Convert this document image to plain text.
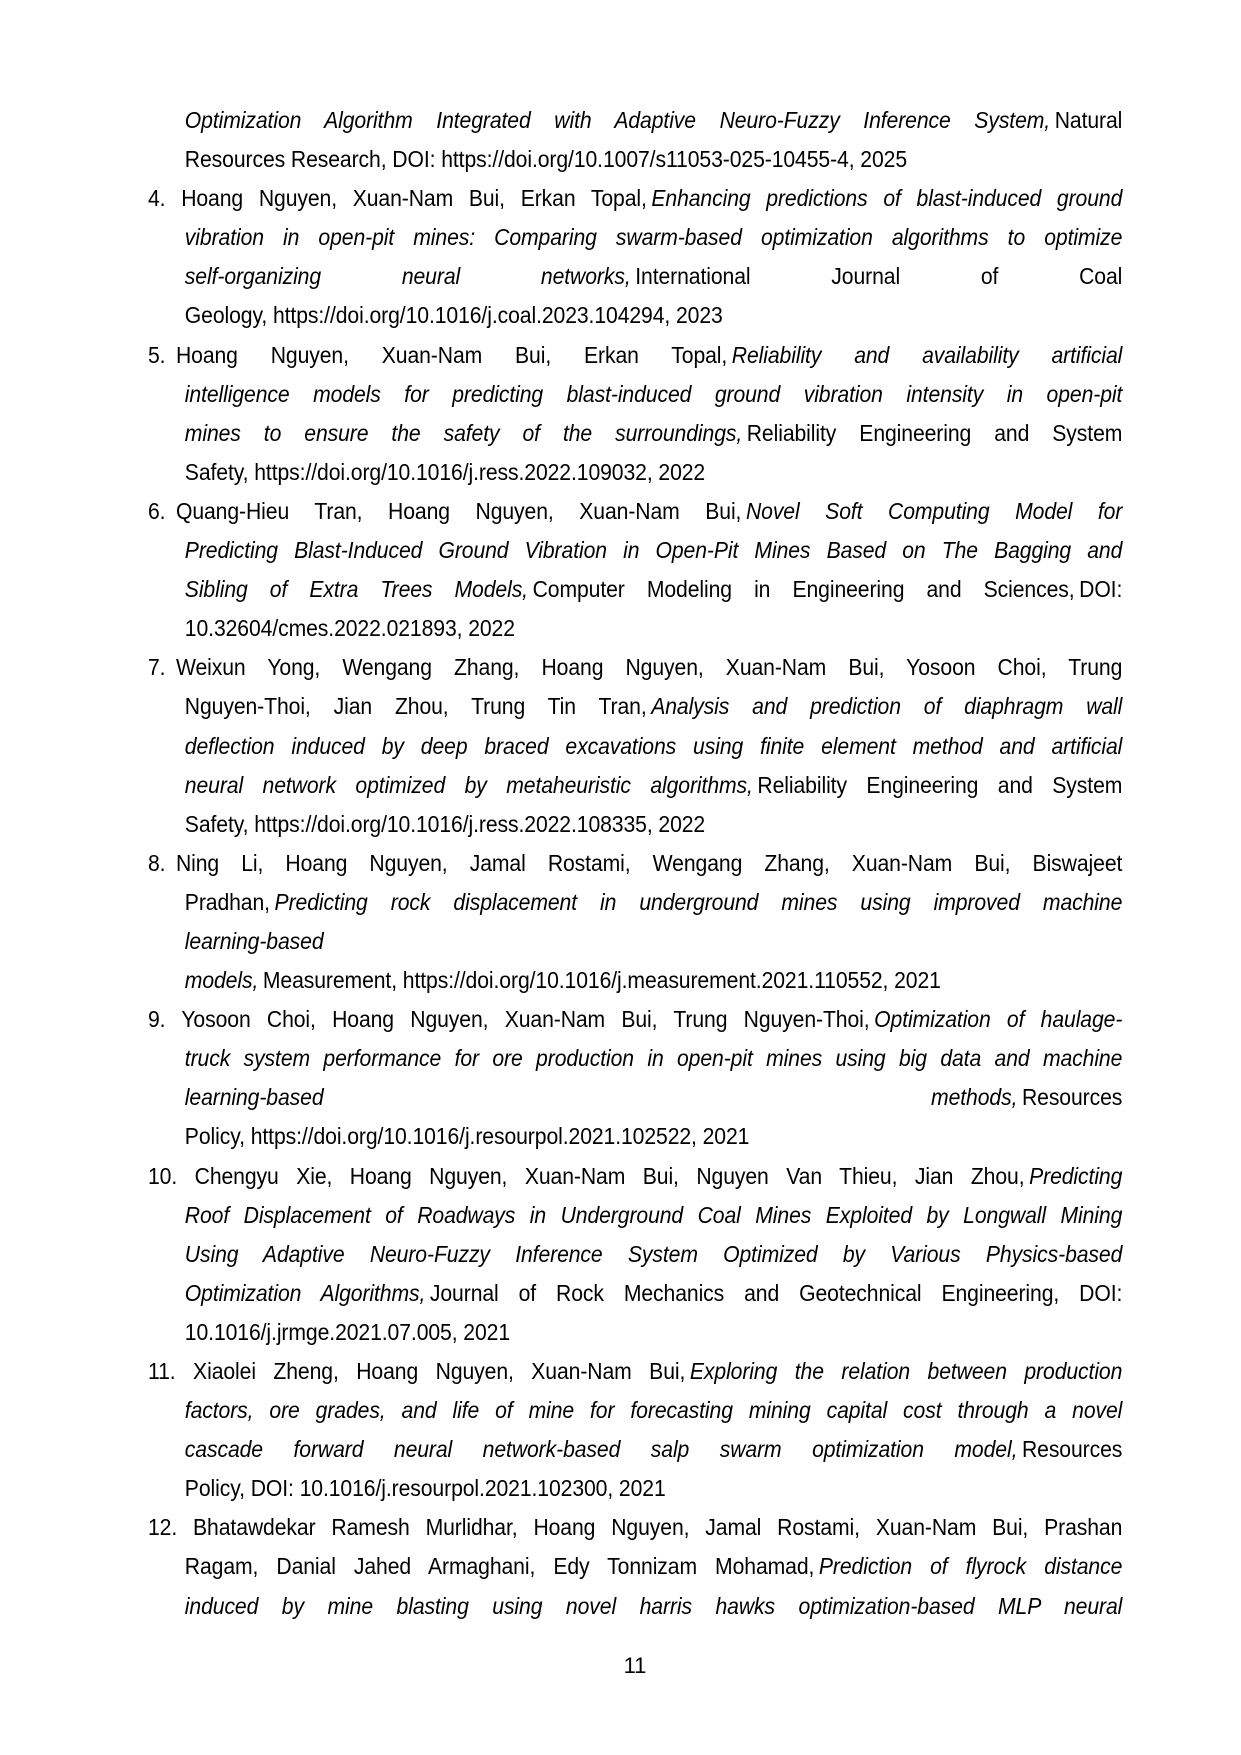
Optimization Algorithm Integrated with Adaptive Neuro-Fuzzy Inference System, Natural
Resources Research, DOI: https://doi.org/10.1007/s11053-025-10455-4, 2025
4. Hoang Nguyen, Xuan-Nam Bui, Erkan Topal, Enhancing predictions of blast-induced ground
vibration in open-pit mines: Comparing swarm-based optimization algorithms to optimize
self-organizing neural networks, International Journal of Coal
Geology, https://doi.org/10.1016/j.coal.2023.104294, 2023
5. Hoang Nguyen, Xuan-Nam Bui, Erkan Topal, Reliability and availability artificial
intelligence models for predicting blast-induced ground vibration intensity in open-pit
mines to ensure the safety of the surroundings, Reliability Engineering and System
Safety, https://doi.org/10.1016/j.ress.2022.109032, 2022
6. Quang-Hieu Tran, Hoang Nguyen, Xuan-Nam Bui, Novel Soft Computing Model for
Predicting Blast-Induced Ground Vibration in Open-Pit Mines Based on The Bagging and
Sibling of Extra Trees Models, Computer Modeling in Engineering and Sciences, DOI:
10.32604/cmes.2022.021893, 2022
7. Weixun Yong, Wengang Zhang, Hoang Nguyen, Xuan-Nam Bui, Yosoon Choi, Trung
Nguyen-Thoi, Jian Zhou, Trung Tin Tran, Analysis and prediction of diaphragm wall
deflection induced by deep braced excavations using finite element method and artificial
neural network optimized by metaheuristic algorithms, Reliability Engineering and System
Safety, https://doi.org/10.1016/j.ress.2022.108335, 2022
8. Ning Li, Hoang Nguyen, Jamal Rostami, Wengang Zhang, Xuan-Nam Bui, Biswajeet
Pradhan, Predicting rock displacement in underground mines using improved machine
learning-based
models, Measurement, https://doi.org/10.1016/j.measurement.2021.110552, 2021
9. Yosoon Choi, Hoang Nguyen, Xuan-Nam Bui, Trung Nguyen-Thoi, Optimization of haulage-
truck system performance for ore production in open-pit mines using big data and machine
learning-based	methods, Resources
Policy, https://doi.org/10.1016/j.resourpol.2021.102522, 2021
10. Chengyu Xie, Hoang Nguyen, Xuan-Nam Bui, Nguyen Van Thieu, Jian Zhou, Predicting
Roof Displacement of Roadways in Underground Coal Mines Exploited by Longwall Mining
Using Adaptive Neuro-Fuzzy Inference System Optimized by Various Physics-based
Optimization Algorithms, Journal of Rock Mechanics and Geotechnical Engineering, DOI:
10.1016/j.jrmge.2021.07.005, 2021
11. Xiaolei Zheng, Hoang Nguyen, Xuan-Nam Bui, Exploring the relation between production
factors, ore grades, and life of mine for forecasting mining capital cost through a novel
cascade forward neural network-based salp swarm optimization model, Resources
Policy, DOI: 10.1016/j.resourpol.2021.102300, 2021
12. Bhatawdekar Ramesh Murlidhar, Hoang Nguyen, Jamal Rostami, Xuan-Nam Bui, Prashan
Ragam, Danial Jahed Armaghani, Edy Tonnizam Mohamad, Prediction of flyrock distance
induced by mine blasting using novel harris hawks optimization-based MLP neural
11
